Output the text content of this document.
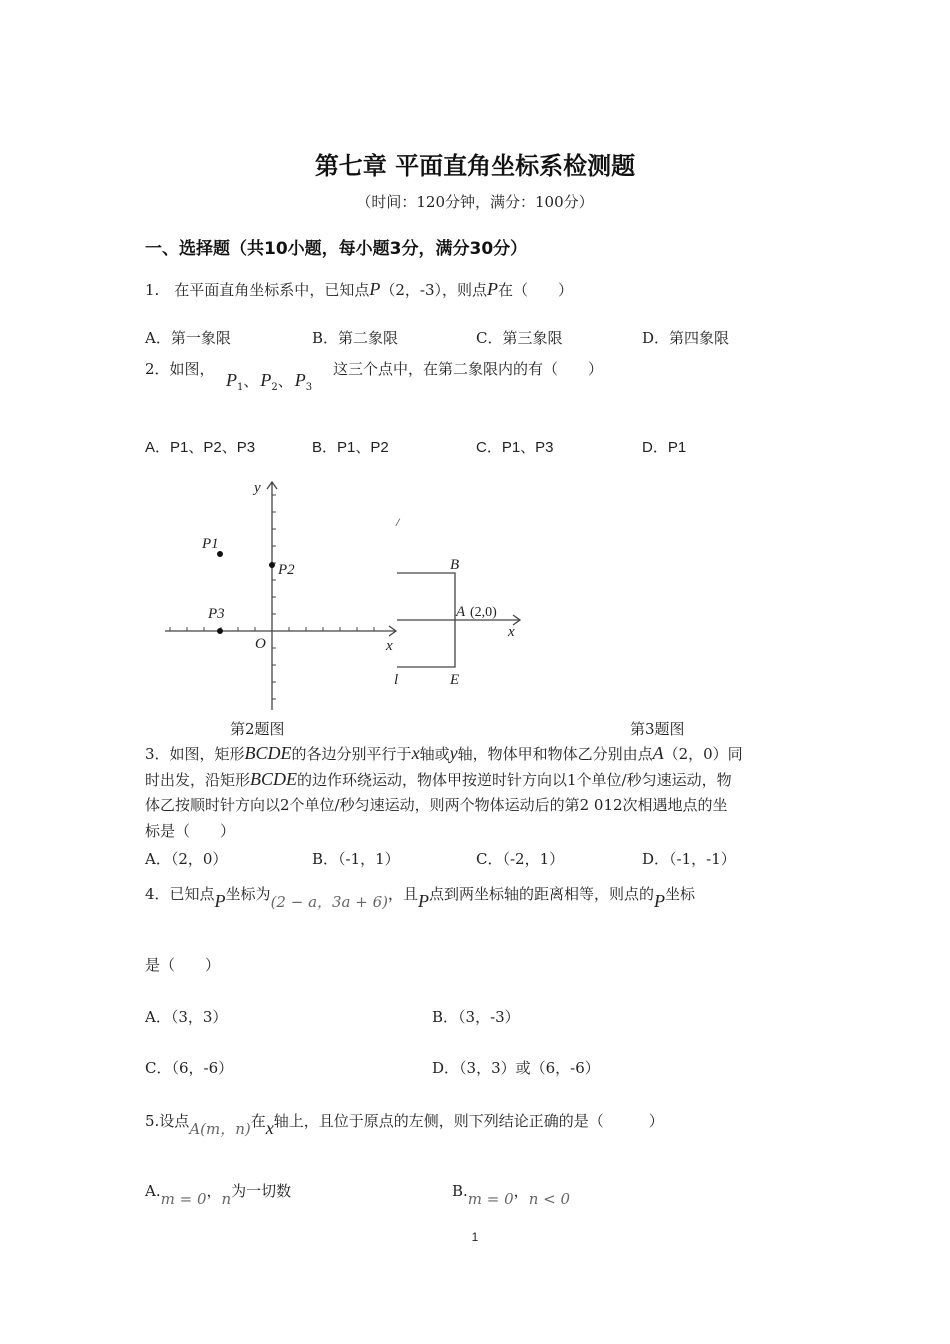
第七章 平面直角坐标系检测题
（时间：120分钟，满分：100分）
一、选择题（共10小题，每小题3分，满分30分）
1.　在平面直角坐标系中，已知点P（2，-3），则点P在（　　）
A．第一象限	B．第二象限	C．第三象限	D．第四象限
2．如图，
$P_1$、 $P_2$、 $P_3$
这三个点中，在第二象限内的有（　　）
A．P1、P2、P3	B．P1、P2	C．P1、P3	D．P1
y
x
O
P1
P2
P3
/
B
A (2,0)
x
E
l
第2题图	第3题图
3．如图，矩形BCDE的各边分别平行于x轴或y轴，物体甲和物体乙分别由点A（2，0）同
时出发，沿矩形BCDE的边作环绕运动，物体甲按逆时针方向以1个单位/秒匀速运动，物
体乙按顺时针方向以2个单位/秒匀速运动，则两个物体运动后的第2 012次相遇地点的坐
标是（　　）
A．（2，0）	B．（-1，1）	C．（-2，1）	D．（-1，-1）
4．已知点P坐标为(2 − a，3a + 6)，且P点到两坐标轴的距离相等，则点的P坐标
是（　　）
A．（3，3）	B．（3，-3）
C．（6，-6）	D．（3，3）或（6，-6）
5.设点A(m，n)在x轴上，且位于原点的左侧，则下列结论正确的是（　　　）
A.m = 0，n为一切数	B.m = 0，n < 0
1
